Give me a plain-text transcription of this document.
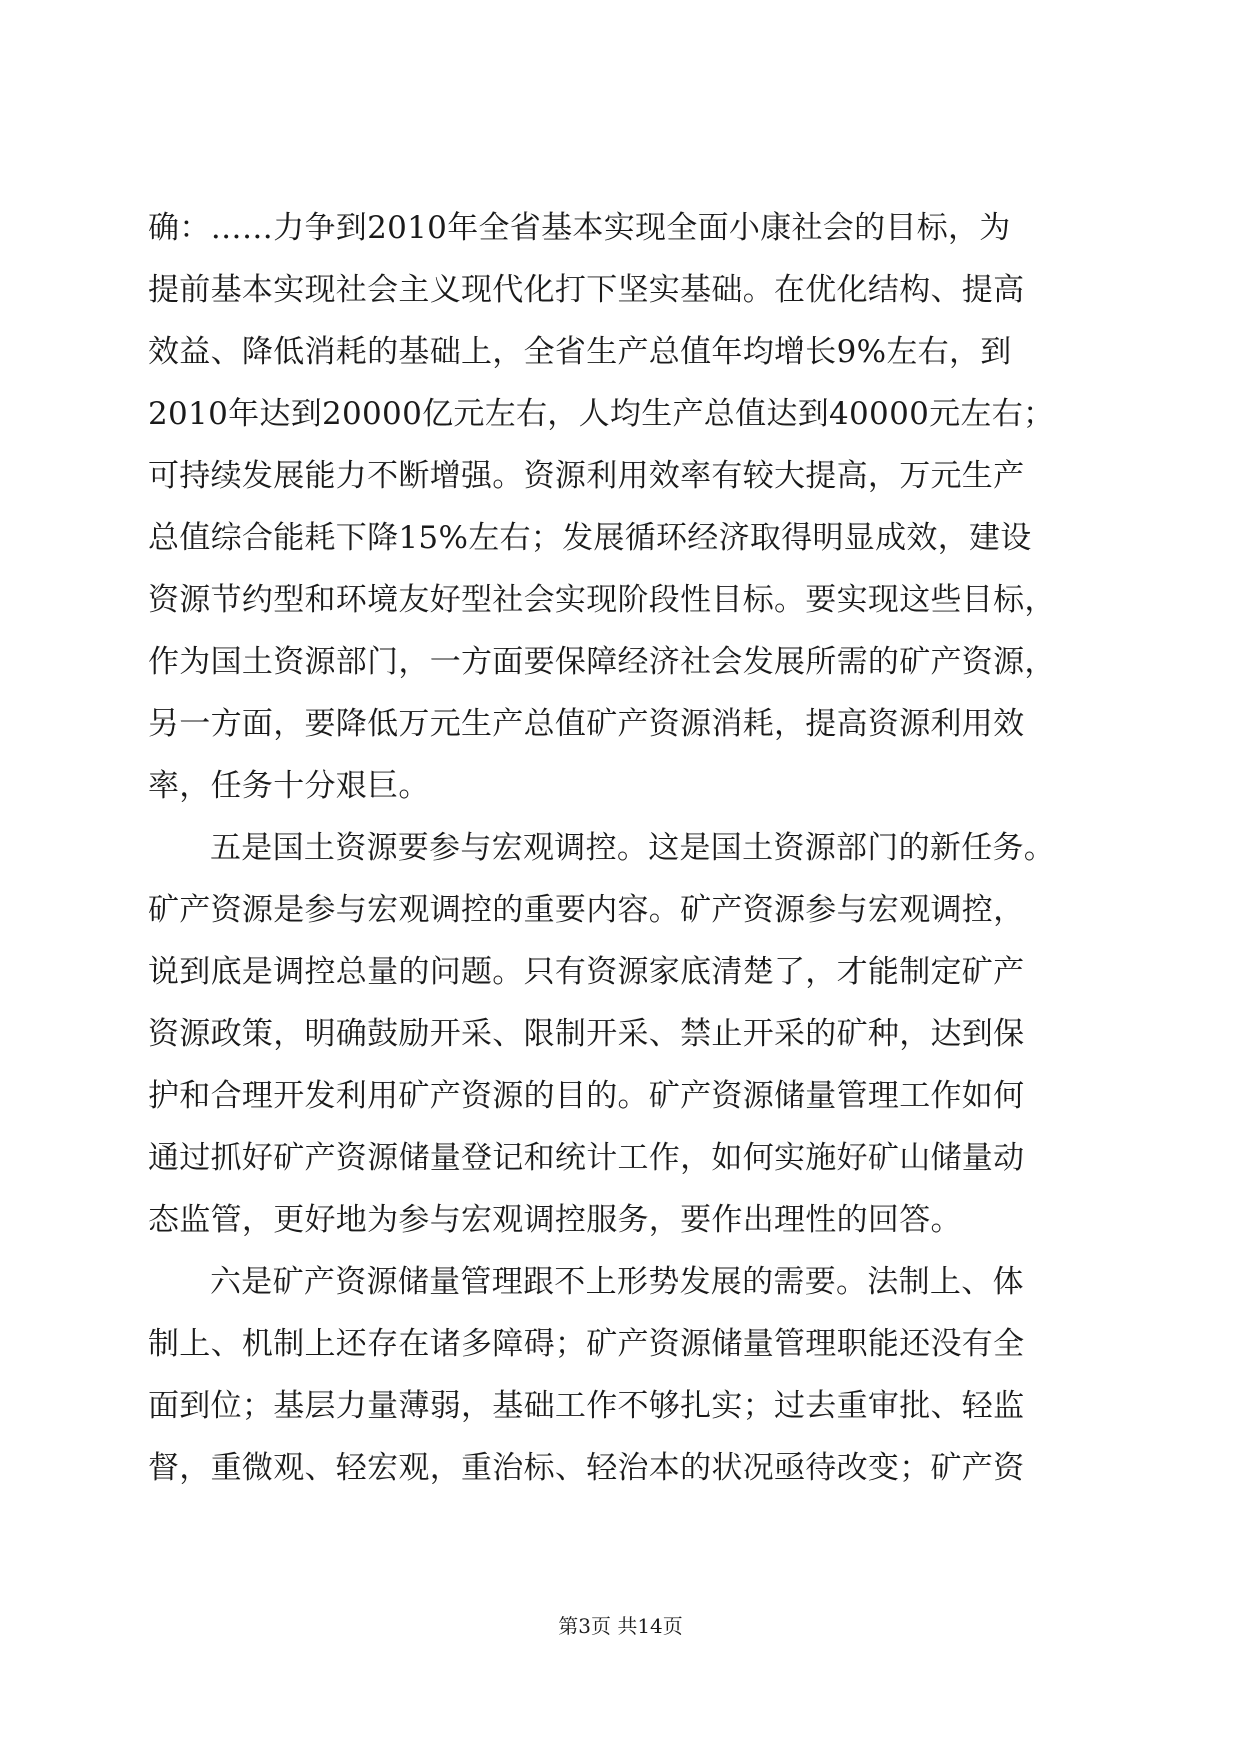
确：……力争到2010年全省基本实现全面小康社会的目标，为
提前基本实现社会主义现代化打下坚实基础。在优化结构、提高
效益、降低消耗的基础上，全省生产总值年均增长9%左右，到
2010年达到20000亿元左右，人均生产总值达到40000元左右；
可持续发展能力不断增强。资源利用效率有较大提高，万元生产
总值综合能耗下降15%左右；发展循环经济取得明显成效，建设
资源节约型和环境友好型社会实现阶段性目标。要实现这些目标，
作为国土资源部门，一方面要保障经济社会发展所需的矿产资源，
另一方面，要降低万元生产总值矿产资源消耗，提高资源利用效
率，任务十分艰巨。
五是国土资源要参与宏观调控。这是国土资源部门的新任务。
矿产资源是参与宏观调控的重要内容。矿产资源参与宏观调控，
说到底是调控总量的问题。只有资源家底清楚了，才能制定矿产
资源政策，明确鼓励开采、限制开采、禁止开采的矿种，达到保
护和合理开发利用矿产资源的目的。矿产资源储量管理工作如何
通过抓好矿产资源储量登记和统计工作，如何实施好矿山储量动
态监管，更好地为参与宏观调控服务，要作出理性的回答。
六是矿产资源储量管理跟不上形势发展的需要。法制上、体
制上、机制上还存在诸多障碍；矿产资源储量管理职能还没有全
面到位；基层力量薄弱，基础工作不够扎实；过去重审批、轻监
督，重微观、轻宏观，重治标、轻治本的状况亟待改变；矿产资
第3页 共14页
